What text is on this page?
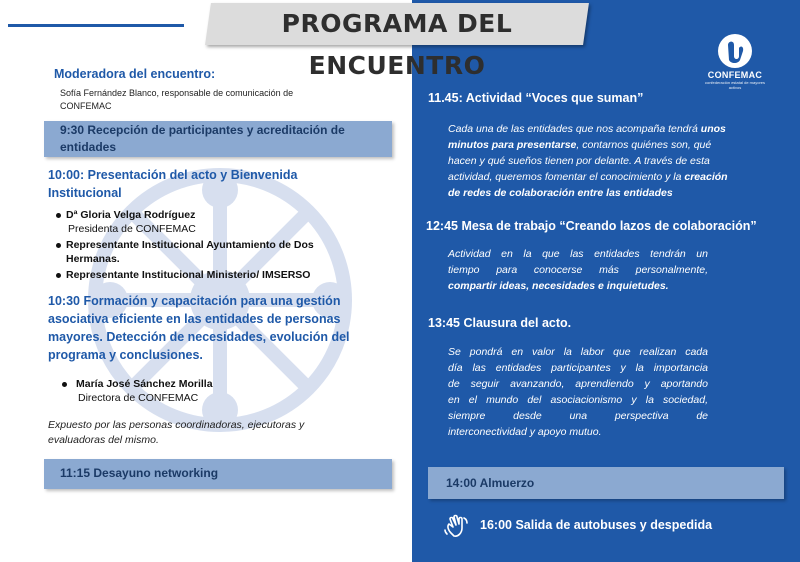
PROGRAMA DEL ENCUENTRO	CONFEMAC
confederación estatal de mayores activos
Moderadora del encuentro:
Sofía Fernández Blanco, responsable de comunicación de
CONFEMAC
9:30 Recepción de participantes y acreditación de
entidades
10:00: Presentación del acto y Bienvenida
Institucional
Dª Gloria Velga Rodríguez
Presidenta de CONFEMAC
Representante Institucional Ayuntamiento de Dos
Hermanas.
Representante Institucional Ministerio/ IMSERSO
10:30 Formación y capacitación para una gestión
asociativa eficiente en las entidades de personas
mayores. Detección de necesidades, evolución del
programa y conclusiones.
María José Sánchez Morilla
Directora de CONFEMAC
Expuesto por las personas coordinadoras, ejecutoras y
evaluadoras del mismo.
11:15 Desayuno networking
11.45: Actividad “Voces que suman”
Cada una de las entidades que nos acompaña tendrá unos
minutos para presentarse, contarnos quiénes son, qué
hacen y qué sueños tienen por delante. A través de esta
actividad, queremos fomentar el conocimiento y la creación
de redes de colaboración entre las entidades
12:45 Mesa de trabajo “Creando lazos de colaboración”
Actividad en la que las entidades tendrán un
tiempo para conocerse más personalmente,
compartir ideas, necesidades e inquietudes.
13:45 Clausura del acto.
Se pondrá en valor la labor que realizan cada
día las entidades participantes y la importancia
de seguir avanzando, aprendiendo y aportando
en el mundo del asociacionismo y la sociedad,
siempre desde una perspectiva de
interconectividad y apoyo mutuo.
14:00 Almuerzo
16:00 Salida de autobuses y despedida
